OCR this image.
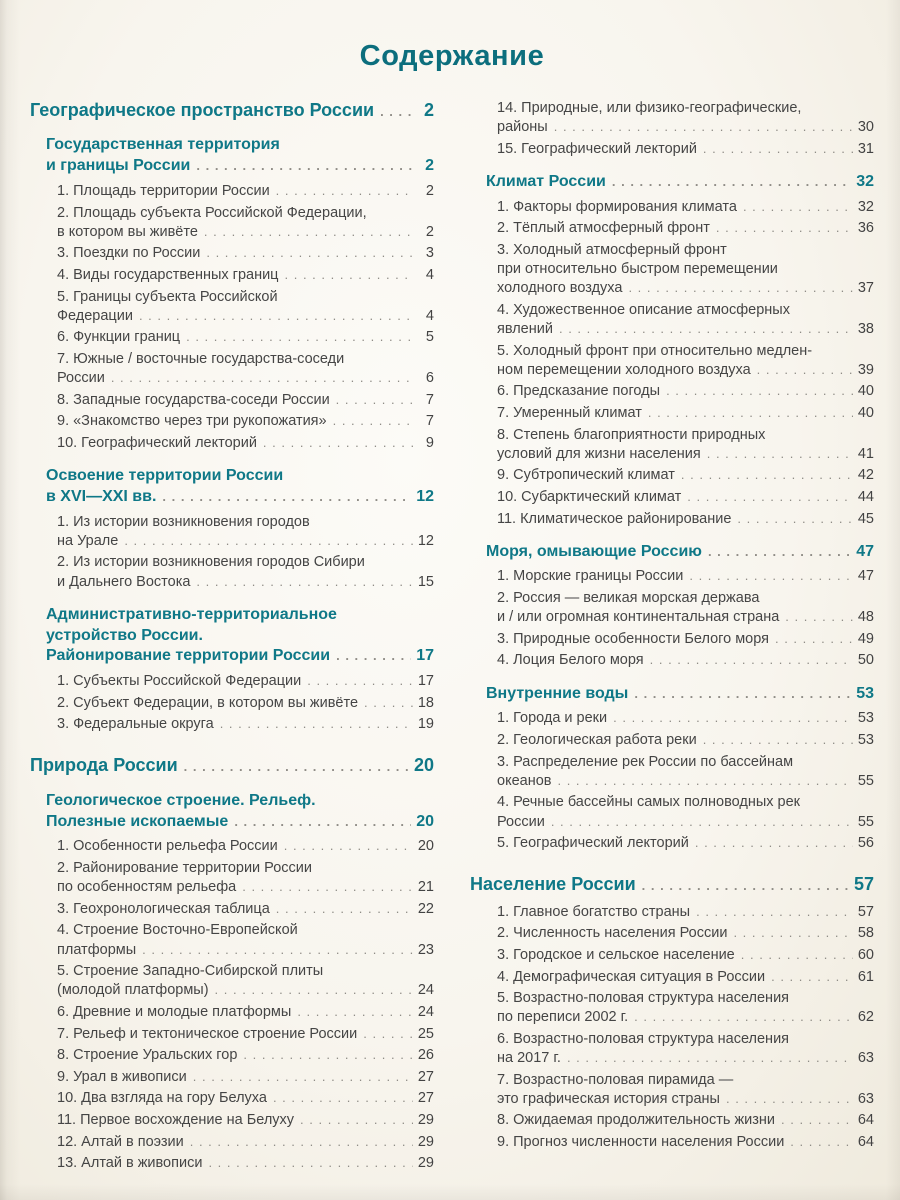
Содержание
Географическое пространство России . . .	2
Государственная территория
и границы России . . .	2
1. Площадь территории России . . .	2
2. Площадь субъекта Российской Федерации,
в котором вы живёте . . .	2
3. Поездки по России . . .	3
4. Виды государственных границ . . .	4
5. Границы субъекта Российской
Федерации . . .	4
6. Функции границ . . .	5
7. Южные / восточные государства-соседи
России . . .	6
8. Западные государства-соседи России . . .	7
9. «Знакомство через три рукопожатия» . . .	7
10. Географический лекторий . . .	9
Освоение территории России
в XVI—XXI вв. . . .	12
1. Из истории возникновения городов
на Урале . . .	12
2. Из истории возникновения городов Сибири
и Дальнего Востока . . .	15
Административно-территориальное
устройство России.
Районирование территории России . . .	17
1. Субъекты Российской Федерации . . .	17
2. Субъект Федерации, в котором вы живёте . . .	18
3. Федеральные округа . . .	19
Природа России . . .	20
Геологическое строение. Рельеф.
Полезные ископаемые . . .	20
1. Особенности рельефа России . . .	20
2. Районирование территории России
по особенностям рельефа . . .	21
3. Геохронологическая таблица . . .	22
4. Строение Восточно-Европейской
платформы . . .	23
5. Строение Западно-Сибирской плиты
(молодой платформы) . . .	24
6. Древние и молодые платформы . . .	24
7. Рельеф и тектоническое строение России . . .	25
8. Строение Уральских гор . . .	26
9. Урал в живописи . . .	27
10. Два взгляда на гору Белуха . . .	27
11. Первое восхождение на Белуху . . .	29
12. Алтай в поэзии . . .	29
13. Алтай в живописи . . .	29
14. Природные, или физико-географические,
районы . . .	30
15. Географический лекторий . . .	31
Климат России . . .	32
1. Факторы формирования климата . . .	32
2. Тёплый атмосферный фронт . . .	36
3. Холодный атмосферный фронт
при относительно быстром перемещении
холодного воздуха . . .	37
4. Художественное описание атмосферных
явлений . . .	38
5. Холодный фронт при относительно медлен-
ном перемещении холодного воздуха . . .	39
6. Предсказание погоды . . .	40
7. Умеренный климат . . .	40
8. Степень благоприятности природных
условий для жизни населения . . .	41
9. Субтропический климат . . .	42
10. Субарктический климат . . .	44
11. Климатическое районирование . . .	45
Моря, омывающие Россию . . .	47
1. Морские границы России . . .	47
2. Россия — великая морская держава
и / или огромная континентальная страна . . .	48
3. Природные особенности Белого моря . . .	49
4. Лоция Белого моря . . .	50
Внутренние воды . . .	53
1. Города и реки . . .	53
2. Геологическая работа реки . . .	53
3. Распределение рек России по бассейнам
океанов . . .	55
4. Речные бассейны самых полноводных рек
России . . .	55
5. Географический лекторий . . .	56
Население России . . .	57
1. Главное богатство страны . . .	57
2. Численность населения России . . .	58
3. Городское и сельское население . . .	60
4. Демографическая ситуация в России . . .	61
5. Возрастно-половая структура населения
по переписи 2002 г. . . .	62
6. Возрастно-половая структура населения
на 2017 г. . . .	63
7. Возрастно-половая пирамида —
это графическая история страны . . .	63
8. Ожидаемая продолжительность жизни . . .	64
9. Прогноз численности населения России . . .	64
